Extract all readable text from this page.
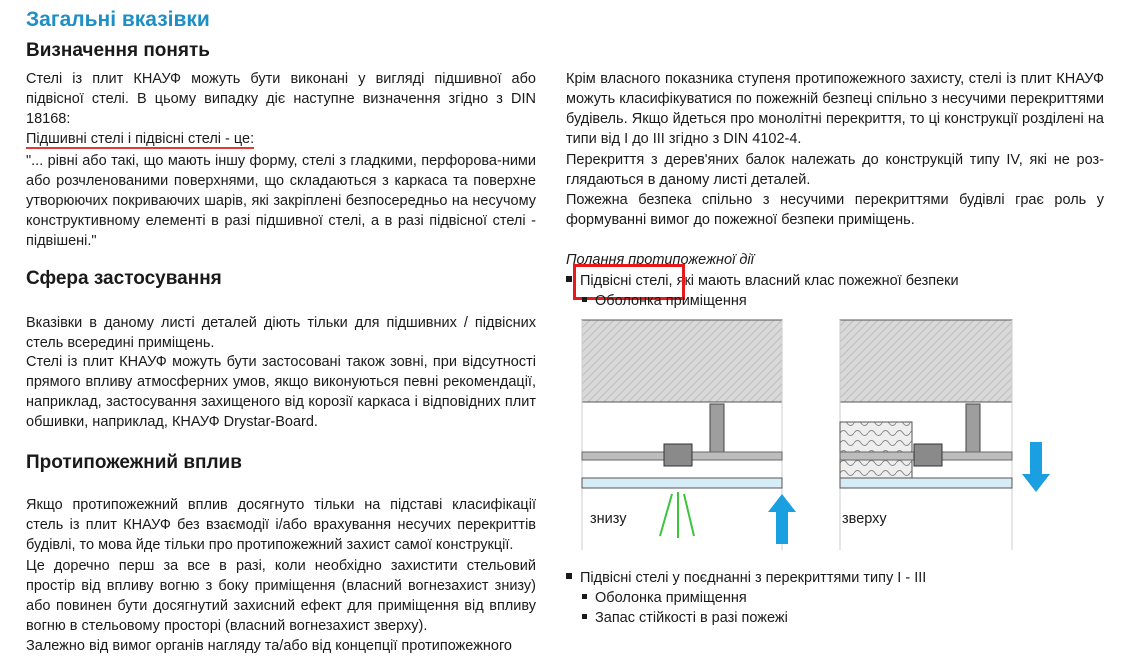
Загальні вказівки
Визначення понять
Стелі із плит КНАУФ можуть бути виконані у вигляді підшивної або підвісної стелі. В цьому випадку діє наступне визначення згідно з DIN 18168:
Підшивні стелі і підвісні стелі - це:
"... рівні або такі, що мають іншу форму, стелі з гладкими, перфорова-ними або розчленованими поверхнями, що складаються з каркаса та поверхне утворюючих покриваючих шарів, які закріплені безпосередньо на несучому конструктивному елементі в разі підшивної стелі, а в разі підвісної стелі - підвішені."
Сфера застосування
Вказівки в даному листі деталей діють тільки для підшивних / підвісних стель всередині приміщень.
Стелі із плит КНАУФ можуть бути застосовані також зовні, при відсутності прямого впливу атмосферних умов, якщо виконуються певні рекомендації, наприклад, застосування захищеного від корозії каркаса і відповідних плит обшивки, наприклад, КНАУФ Drystar-Board.
Протипожежний вплив
Якщо протипожежний вплив досягнуто тільки на підставі класифікації стель із плит КНАУФ без взаємодії і/або врахування несучих перекриттів будівлі, то мова йде тільки про протипожежний захист самої конструкції.
Це доречно перш за все в разі, коли необхідно захистити стельовий простір від впливу вогню з боку приміщення (власний вогнезахист знизу) або повинен бути досягнутий захисний ефект для приміщення від впливу вогню в стельовому просторі (власний вогнезахист зверху).
Залежно від вимог органів нагляду та/або від концепції протипожежного
Крім власного показника ступеня протипожежного захисту, стелі із плит КНАУФ можуть класифікуватися по пожежній безпеці спільно з несучими перекриттями будівель. Якщо йдеться про монолітні перекриття, то ці конструкції розділені на типи від І до ІІІ згідно з DIN 4102-4.
Перекриття з дерев'яних балок належать до конструкцій типу IV, які не роз-глядаються в даному листі деталей.
Пожежна безпека спільно з несучими перекриттями будівлі грає роль у формуванні вимог до пожежної безпеки приміщень.
Полання протипожежної дії
Підвісні стелі, які мають власний клас пожежної безпеки
Оболонка приміщення
знизу	зверху
Підвісні стелі у поєднанні з перекриттями типу I - III
Оболонка приміщення
Запас стійкості в разі пожежі
